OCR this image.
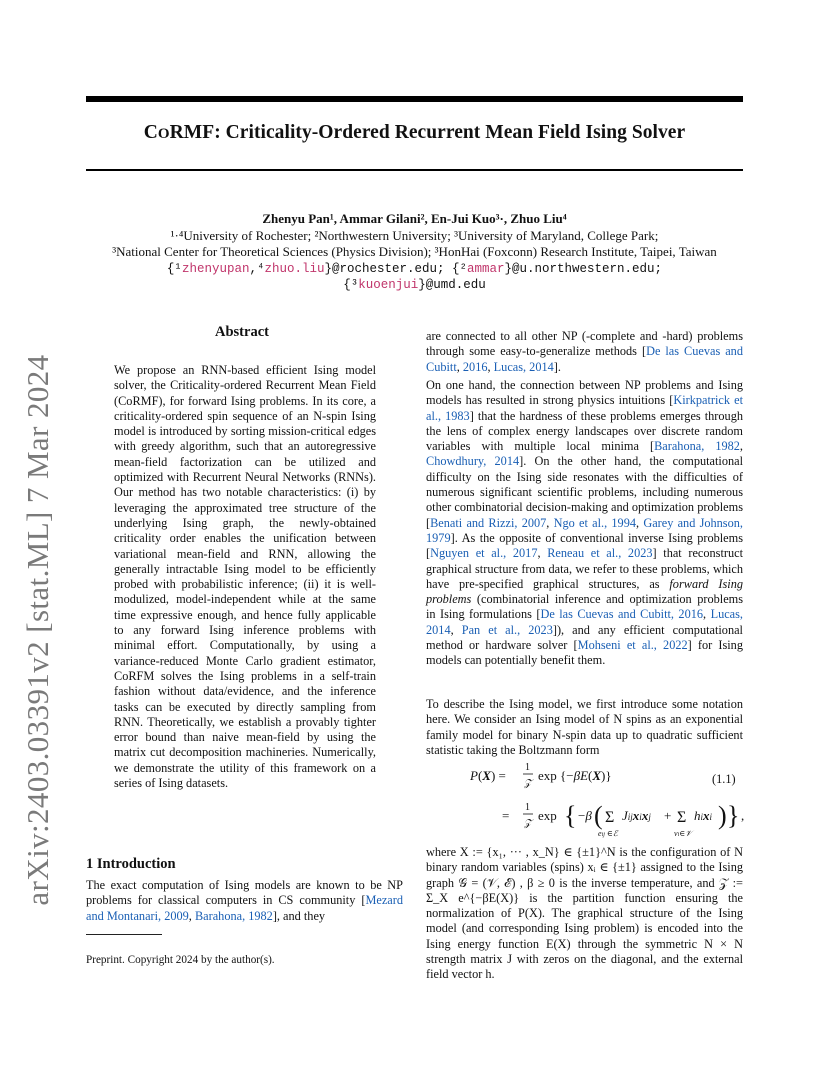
CORMF: Criticality-Ordered Recurrent Mean Field Ising Solver
arXiv:2403.03391v2 [stat.ML] 7 Mar 2024
Zhenyu Pan¹, Ammar Gilani², En-Jui Kuo³·, Zhuo Liu⁴
¹·⁴University of Rochester; ²Northwestern University; ³University of Maryland, College Park;
³National Center for Theoretical Sciences (Physics Division); ³HonHai (Foxconn) Research Institute, Taipei, Taiwan
{¹zhenyupan,⁴zhuo.liu}@rochester.edu; {²ammar}@u.northwestern.edu;
{³kuoenjui}@umd.edu
Abstract
We propose an RNN-based efficient Ising model solver, the Criticality-ordered Recurrent Mean Field (CoRMF), for forward Ising problems. In its core, a criticality-ordered spin sequence of an N-spin Ising model is introduced by sorting mission-critical edges with greedy algorithm, such that an autoregressive mean-field factorization can be utilized and optimized with Recurrent Neural Networks (RNNs). Our method has two notable characteristics: (i) by leveraging the approximated tree structure of the underlying Ising graph, the newly-obtained criticality order enables the unification between variational mean-field and RNN, allowing the generally intractable Ising model to be efficiently probed with probabilistic inference; (ii) it is well-modulized, model-independent while at the same time expressive enough, and hence fully applicable to any forward Ising inference problems with minimal effort. Computationally, by using a variance-reduced Monte Carlo gradient estimator, CoRFM solves the Ising problems in a self-train fashion without data/evidence, and the inference tasks can be executed by directly sampling from RNN. Theoretically, we establish a provably tighter error bound than naive mean-field by using the matrix cut decomposition machineries. Numerically, we demonstrate the utility of this framework on a series of Ising datasets.
1 Introduction
The exact computation of Ising models are known to be NP problems for classical computers in CS community [Mezard and Montanari, 2009, Barahona, 1982], and they
Preprint. Copyright 2024 by the author(s).
are connected to all other NP (-complete and -hard) problems through some easy-to-generalize methods [De las Cuevas and Cubitt, 2016, Lucas, 2014].
On one hand, the connection between NP problems and Ising models has resulted in strong physics intuitions [Kirkpatrick et al., 1983] that the hardness of these problems emerges through the lens of complex energy landscapes over discrete random variables with multiple local minima [Barahona, 1982, Chowdhury, 2014]. On the other hand, the computational difficulty on the Ising side resonates with the difficulties of numerous significant scientific problems, including numerous other combinatorial decision-making and optimization problems [Benati and Rizzi, 2007, Ngo et al., 1994, Garey and Johnson, 1979]. As the opposite of conventional inverse Ising problems [Nguyen et al., 2017, Reneau et al., 2023] that reconstruct graphical structure from data, we refer to these problems, which have pre-specified graphical structures, as forward Ising problems (combinatorial inference and optimization problems in Ising formulations [De las Cuevas and Cubitt, 2016, Lucas, 2014, Pan et al., 2023]), and any efficient computational method or hardware solver [Mohseni et al., 2022] for Ising models can potentially benefit them.
To describe the Ising model, we first introduce some notation here. We consider an Ising model of N spins as an exponential family model for binary N-spin data up to quadratic sufficient statistic taking the Boltzmann form
P(X) =
1
𝒵
exp {−βE(X)}
=
1
𝒵
exp { −β ( Σ
eij ∈ℰ
Jijxixj + Σ
vi∈𝒱
hixi ) } ,
(1.1)
where X := {x₁, ··· , x_N} ∈ {±1}^N is the configuration of N binary random variables (spins) xᵢ ∈ {±1} assigned to the Ising graph 𝒢 = (𝒱, ℰ) , β ≥ 0 is the inverse temperature, and 𝒵 := Σ_X e^{−βE(X)} is the partition function ensuring the normalization of P(X). The graphical structure of the Ising model (and corresponding Ising problem) is encoded into the Ising energy function E(X) through the symmetric N × N strength matrix J with zeros on the diagonal, and the external field vector h.
